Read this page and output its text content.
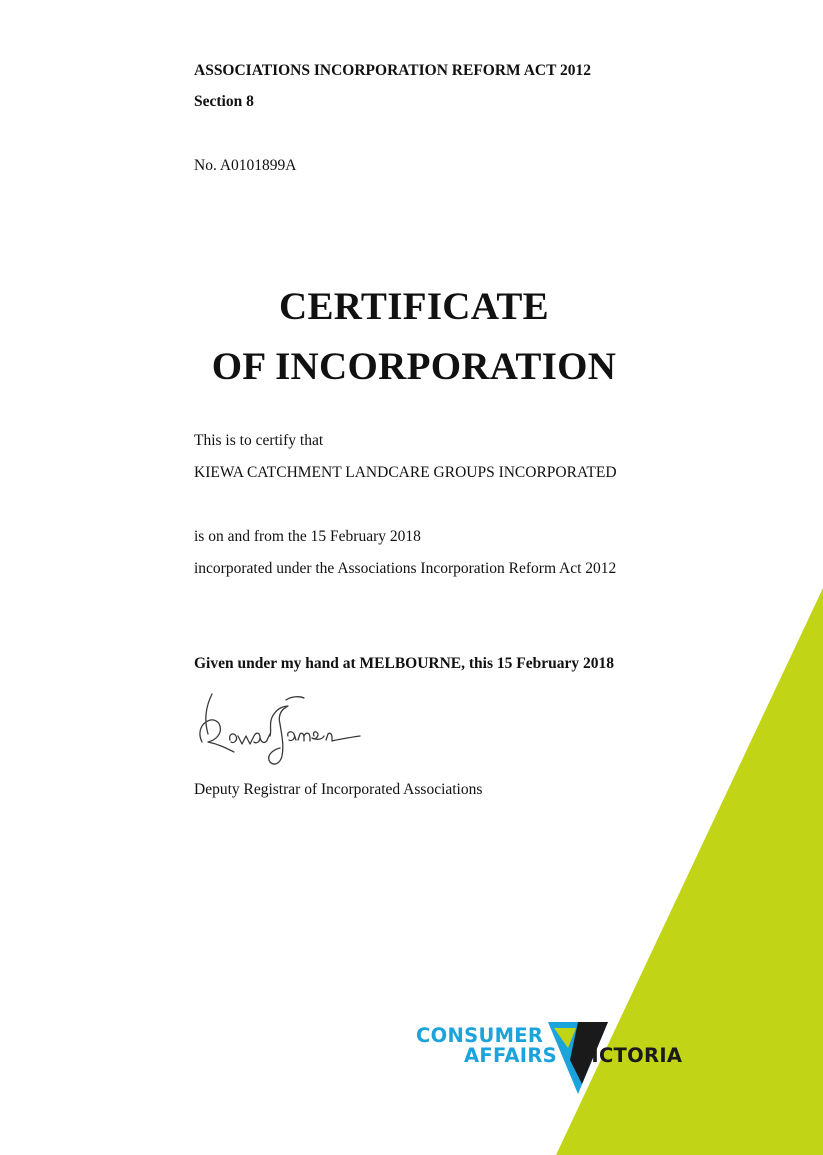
ASSOCIATIONS INCORPORATION REFORM ACT 2012
Section 8
No. A0101899A
CERTIFICATE
OF INCORPORATION
This is to certify that
KIEWA CATCHMENT LANDCARE GROUPS INCORPORATED
is on and from the 15 February 2018
incorporated under the Associations Incorporation Reform Act 2012
Given under my hand at MELBOURNE, this 15 February 2018
Deputy Registrar of Incorporated Associations
CONSUMER
AFFAIRS VICTORIA
